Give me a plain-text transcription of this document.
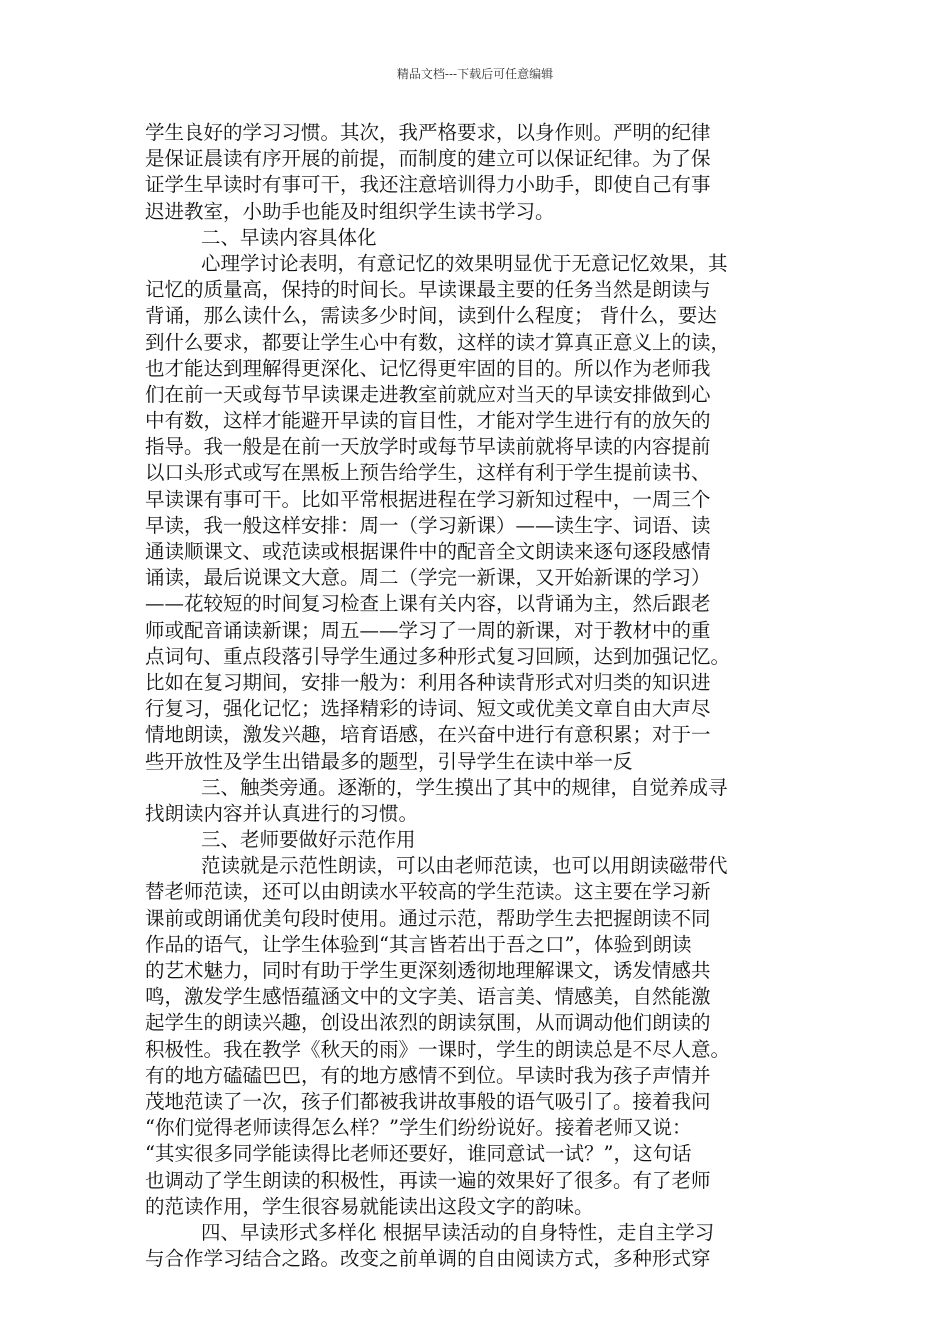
精品文档---下载后可任意编辑
学生良好的学习习惯。其次，我严格要求，以身作则。严明的纪律
是保证晨读有序开展的前提，而制度的建立可以保证纪律。为了保
证学生早读时有事可干，我还注意培训得力小助手，即使自己有事
迟进教室，小助手也能及时组织学生读书学习。
二、早读内容具体化
心理学讨论表明，有意记忆的效果明显优于无意记忆效果，其
记忆的质量高，保持的时间长。早读课最主要的任务当然是朗读与
背诵，那么读什么，需读多少时间，读到什么程度； 背什么，要达
到什么要求，都要让学生心中有数，这样的读才算真正意义上的读，
也才能达到理解得更深化、记忆得更牢固的目的。所以作为老师我
们在前一天或每节早读课走进教室前就应对当天的早读安排做到心
中有数，这样才能避开早读的盲目性，才能对学生进行有的放矢的
指导。我一般是在前一天放学时或每节早读前就将早读的内容提前
以口头形式或写在黑板上预告给学生，这样有利于学生提前读书、
早读课有事可干。比如平常根据进程在学习新知过程中，一周三个
早读，我一般这样安排：周一（学习新课）——读生字、词语、读
通读顺课文、或范读或根据课件中的配音全文朗读来逐句逐段感情
诵读，最后说课文大意。周二（学完一新课，又开始新课的学习）
——花较短的时间复习检查上课有关内容，以背诵为主，然后跟老
师或配音诵读新课；周五——学习了一周的新课，对于教材中的重
点词句、重点段落引导学生通过多种形式复习回顾，达到加强记忆。
比如在复习期间，安排一般为：利用各种读背形式对归类的知识进
行复习，强化记忆；选择精彩的诗词、短文或优美文章自由大声尽
情地朗读，激发兴趣，培育语感，在兴奋中进行有意积累；对于一
些开放性及学生出错最多的题型，引导学生在读中举一反
三、触类旁通。逐渐的，学生摸出了其中的规律，自觉养成寻
找朗读内容并认真进行的习惯。
三、老师要做好示范作用
范读就是示范性朗读，可以由老师范读，也可以用朗读磁带代
替老师范读，还可以由朗读水平较高的学生范读。这主要在学习新
课前或朗诵优美句段时使用。通过示范，帮助学生去把握朗读不同
作品的语气，让学生体验到“其言皆若出于吾之口”，体验到朗读
的艺术魅力，同时有助于学生更深刻透彻地理解课文，诱发情感共
鸣，激发学生感悟蕴涵文中的文字美、语言美、情感美，自然能激
起学生的朗读兴趣，创设出浓烈的朗读氛围，从而调动他们朗读的
积极性。我在教学《秋天的雨》一课时，学生的朗读总是不尽人意。
有的地方磕磕巴巴，有的地方感情不到位。早读时我为孩子声情并
茂地范读了一次，孩子们都被我讲故事般的语气吸引了。接着我问
“你们觉得老师读得怎么样？”学生们纷纷说好。接着老师又说：
“其实很多同学能读得比老师还要好，谁同意试一试？”，这句话
也调动了学生朗读的积极性，再读一遍的效果好了很多。有了老师
的范读作用，学生很容易就能读出这段文字的韵味。
四、早读形式多样化 根据早读活动的自身特性，走自主学习
与合作学习结合之路。改变之前单调的自由阅读方式，多种形式穿
